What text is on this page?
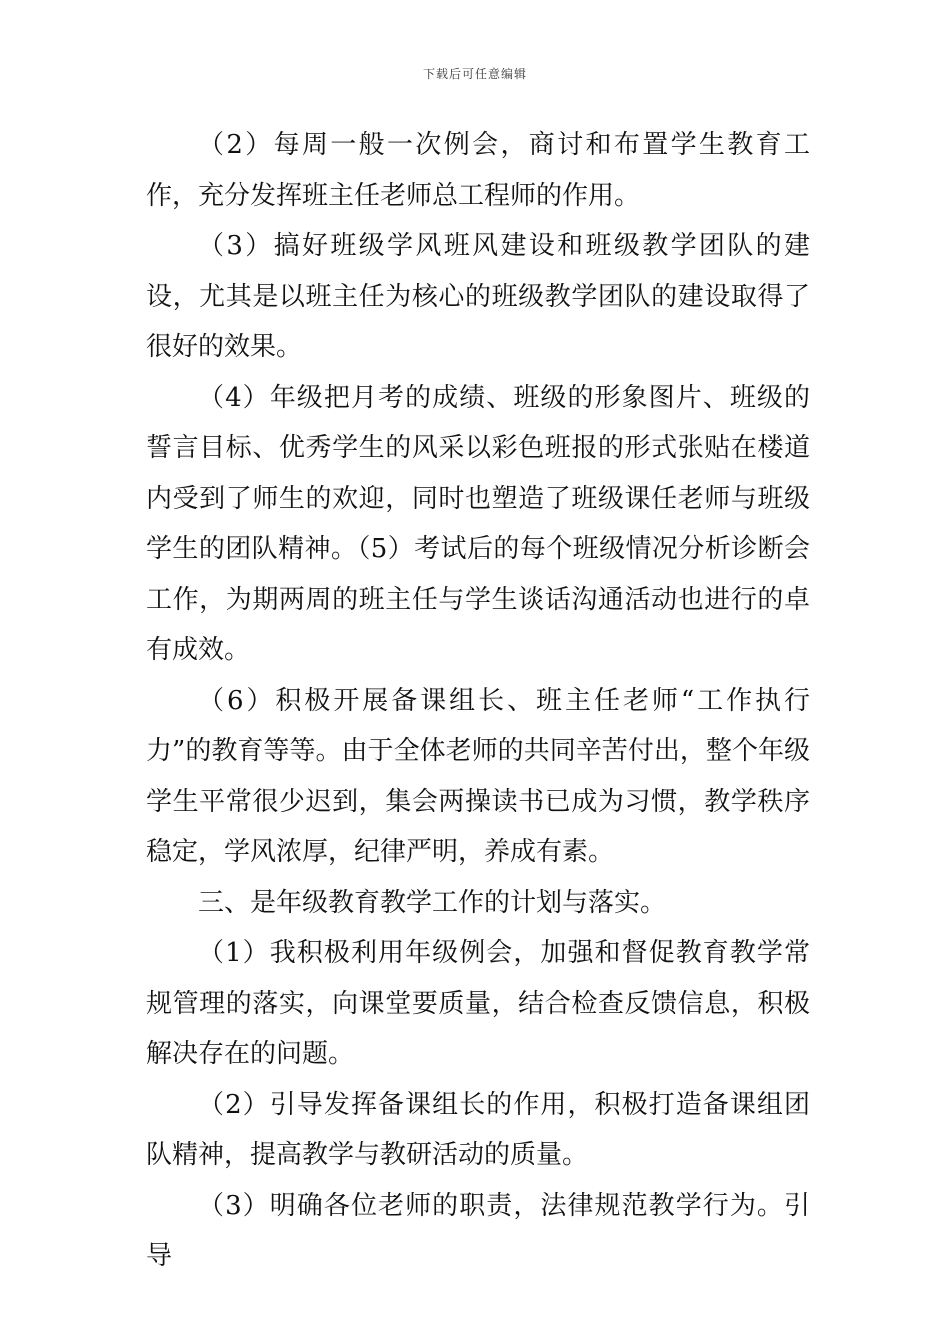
下载后可任意编辑

（2）每周一般一次例会，商讨和布置学生教育工作，充分发挥班主任老师总工程师的作用。

（3）搞好班级学风班风建设和班级教学团队的建设，尤其是以班主任为核心的班级教学团队的建设取得了很好的效果。

（4）年级把月考的成绩、班级的形象图片、班级的誓言目标、优秀学生的风采以彩色班报的形式张贴在楼道内受到了师生的欢迎，同时也塑造了班级课任老师与班级学生的团队精神。（5）考试后的每个班级情况分析诊断会工作，为期两周的班主任与学生谈话沟通活动也进行的卓有成效。

（6）积极开展备课组长、班主任老师“工作执行力”的教育等等。由于全体老师的共同辛苦付出，整个年级学生平常很少迟到，集会两操读书已成为习惯，教学秩序稳定，学风浓厚，纪律严明，养成有素。

三、是年级教育教学工作的计划与落实。

（1）我积极利用年级例会，加强和督促教育教学常规管理的落实，向课堂要质量，结合检查反馈信息，积极解决存在的问题。

（2）引导发挥备课组长的作用，积极打造备课组团队精神，提高教学与教研活动的质量。

（3）明确各位老师的职责，法律规范教学行为。引导
